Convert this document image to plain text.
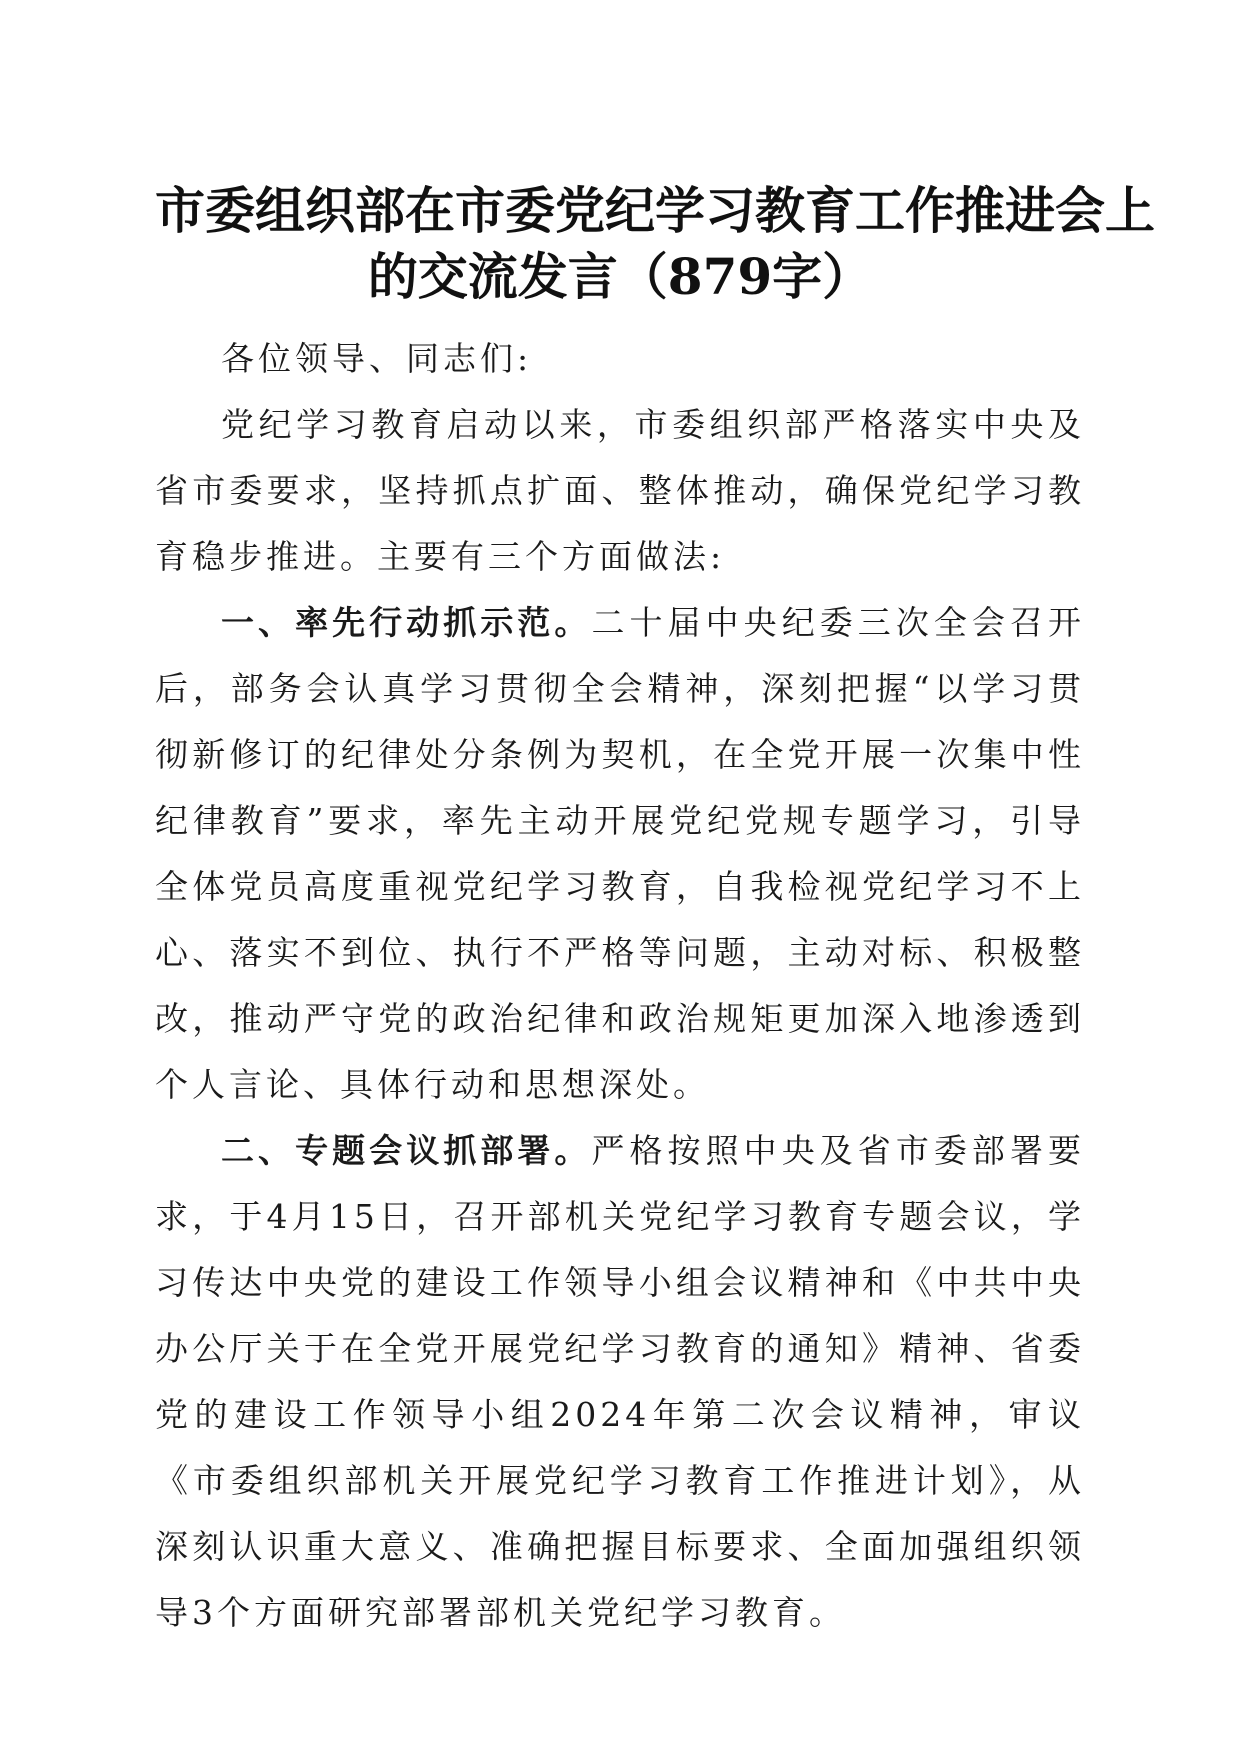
市委组织部在市委党纪学习教育工作推进会上
的交流发言（879字）

各位领导、同志们:

党纪学习教育启动以来，市委组织部严格落实中央及省市委要求，坚持抓点扩面、整体推动，确保党纪学习教育稳步推进。主要有三个方面做法:

一、率先行动抓示范。二十届中央纪委三次全会召开后，部务会认真学习贯彻全会精神，深刻把握“以学习贯彻新修订的纪律处分条例为契机，在全党开展一次集中性纪律教育”要求，率先主动开展党纪党规专题学习，引导全体党员高度重视党纪学习教育，自我检视党纪学习不上心、落实不到位、执行不严格等问题，主动对标、积极整改，推动严守党的政治纪律和政治规矩更加深入地渗透到个人言论、具体行动和思想深处。

二、专题会议抓部署。严格按照中央及省市委部署要求，于4月15日，召开部机关党纪学习教育专题会议，学习传达中央党的建设工作领导小组会议精神和《中共中央办公厅关于在全党开展党纪学习教育的通知》精神、省委党的建设工作领导小组2024年第二次会议精神，审议《市委组织部机关开展党纪学习教育工作推进计划》，从深刻认识重大意义、准确把握目标要求、全面加强组织领导3个方面研究部署部机关党纪学习教育。
